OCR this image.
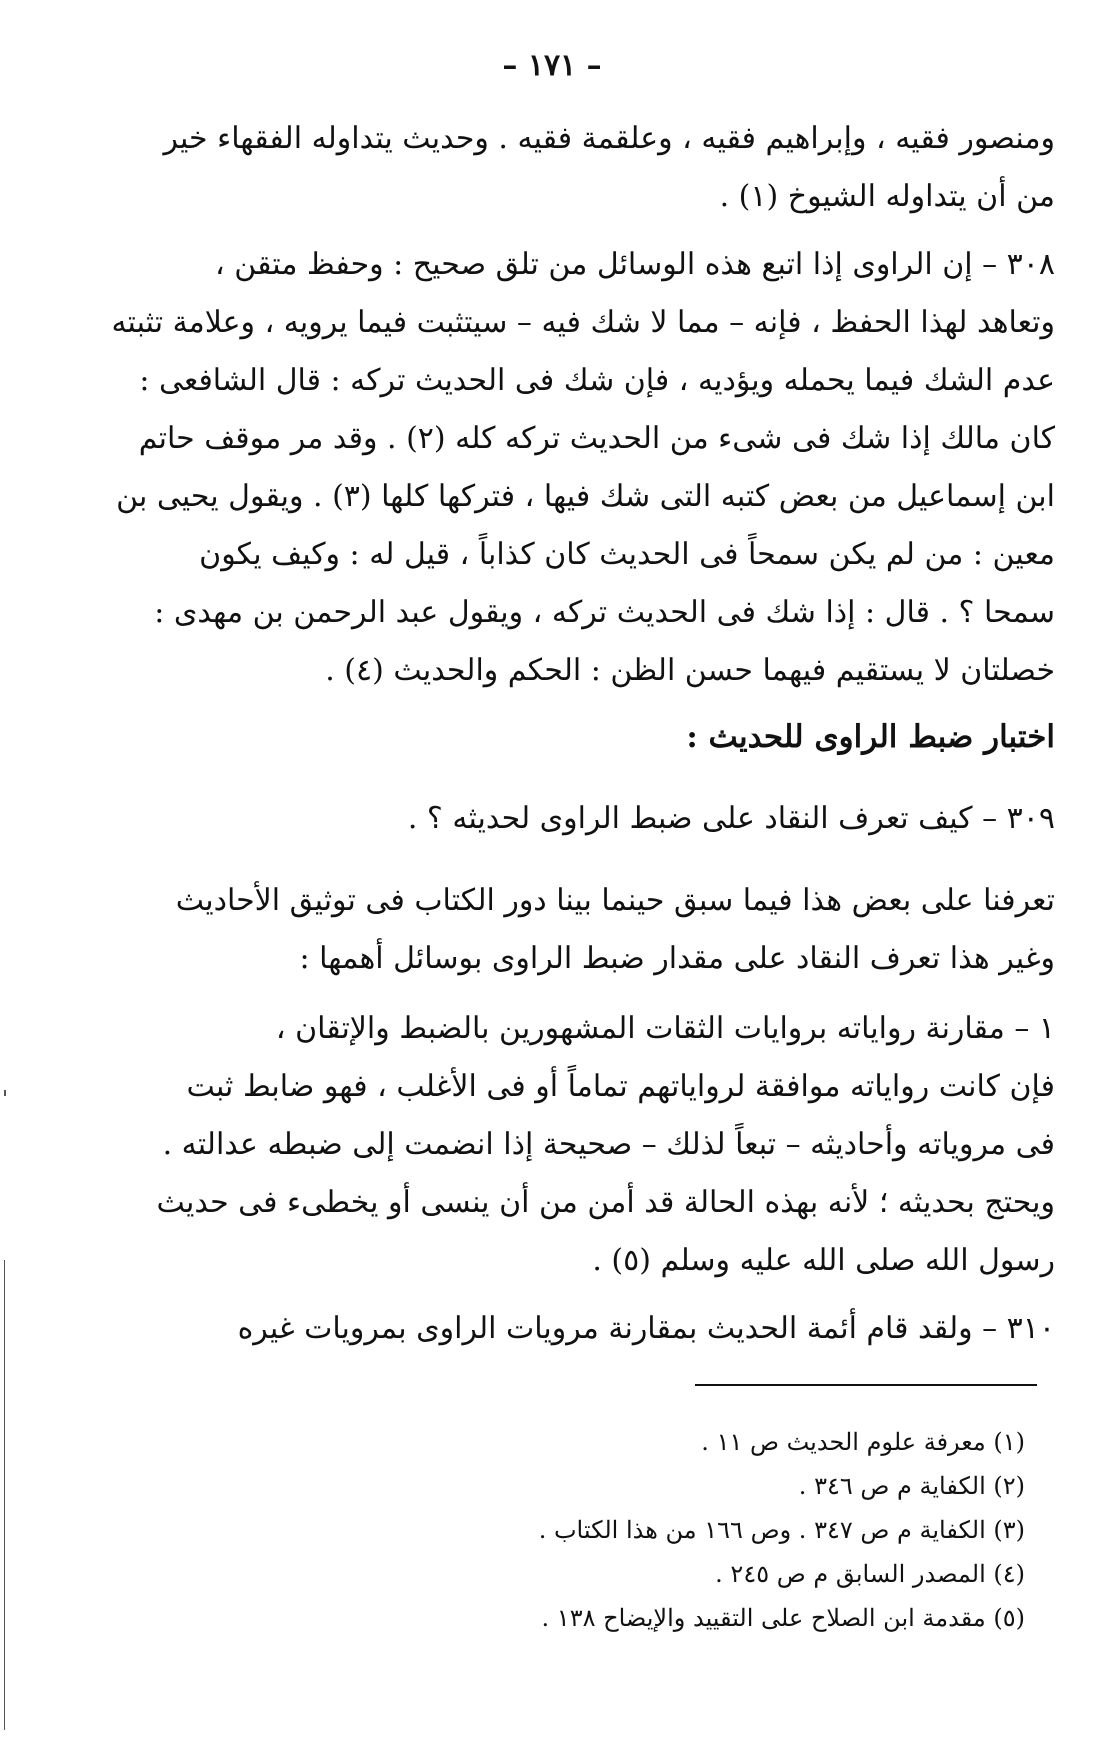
– ١٧١ –
ومنصور فقيه ، وإبراهيم فقيه ، وعلقمة فقيه . وحديث يتداوله الفقهاء خير
من أن يتداوله الشيوخ (١) .
٣٠٨ – إن الراوى إذا اتبع هذه الوسائل من تلق صحيح : وحفظ متقن ،
وتعاهد لهذا الحفظ ، فإنه – مما لا شك فيه – سيتثبت فيما يرويه ، وعلامة تثبته
عدم الشك فيما يحمله ويؤديه ، فإن شك فى الحديث تركه : قال الشافعى :
كان مالك إذا شك فى شىء من الحديث تركه كله (٢) . وقد مر موقف حاتم
ابن إسماعيل من بعض كتبه التى شك فيها ، فتركها كلها (٣) . ويقول يحيى بن
معين : من لم يكن سمحاً فى الحديث كان كذاباً ، قيل له : وكيف يكون
سمحا ؟ . قال : إذا شك فى الحديث تركه ، ويقول عبد الرحمن بن مهدى :
خصلتان لا يستقيم فيهما حسن الظن : الحكم والحديث (٤) .
اختبار ضبط الراوى للحديث :
٣٠٩ – كيف تعرف النقاد على ضبط الراوى لحديثه ؟ .
تعرفنا على بعض هذا فيما سبق حينما بينا دور الكتاب فى توثيق الأحاديث
وغير هذا تعرف النقاد على مقدار ضبط الراوى بوسائل أهمها :
١ – مقارنة رواياته بروايات الثقات المشهورين بالضبط والإتقان ،
فإن كانت رواياته موافقة لرواياتهم تماماً أو فى الأغلب ، فهو ضابط ثبت
فى مروياته وأحاديثه – تبعاً لذلك – صحيحة إذا انضمت إلى ضبطه عدالته .
ويحتج بحديثه ؛ لأنه بهذه الحالة قد أمن من أن ينسى أو يخطىء فى حديث
رسول الله صلى الله عليه وسلم (٥) .
٣١٠ – ولقد قام أئمة الحديث بمقارنة مرويات الراوى بمرويات غيره
(١) معرفة علوم الحديث ص ١١ .
(٢) الكفاية م ص ٣٤٦ .
(٣) الكفاية م ص ٣٤٧ . وص ١٦٦ من هذا الكتاب .
(٤) المصدر السابق م ص ٢٤٥ .
(٥) مقدمة ابن الصلاح على التقييد والإيضاح ١٣٨ .
